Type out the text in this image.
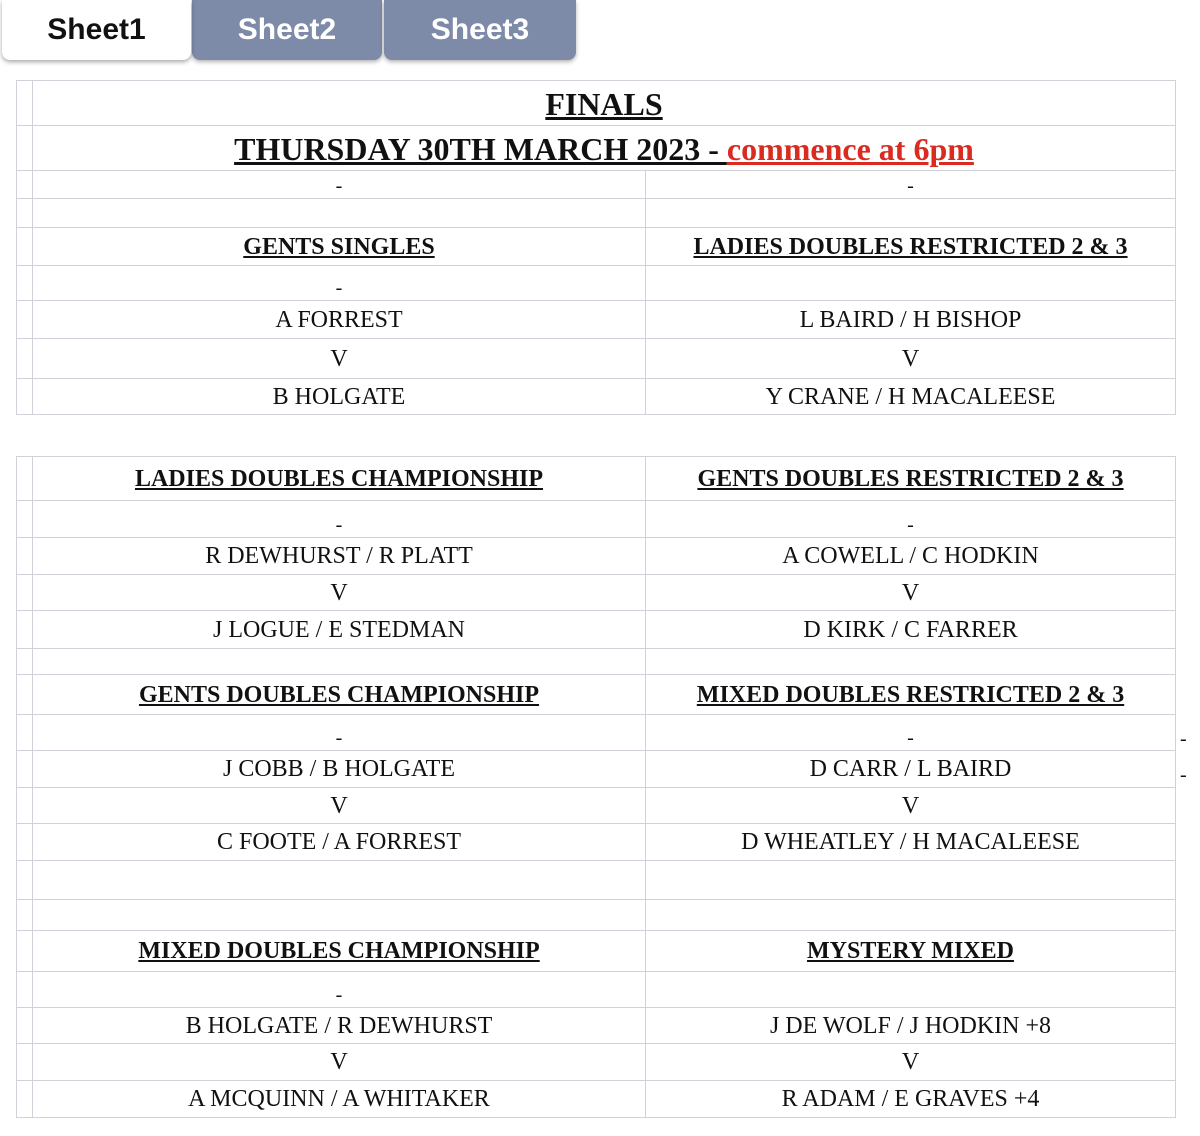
FINALS
THURSDAY 30TH MARCH 2023 - commence at 6pm
-	-
GENTS SINGLES	LADIES DOUBLES RESTRICTED 2 & 3
-
A FORREST	L BAIRD / H BISHOP
V	V
B HOLGATE	Y CRANE / H MACALEESE
LADIES DOUBLES CHAMPIONSHIP	GENTS DOUBLES RESTRICTED 2 & 3
-	-
R DEWHURST / R PLATT	A COWELL / C HODKIN
V	V
J LOGUE / E STEDMAN	D KIRK / C FARRER
GENTS DOUBLES CHAMPIONSHIP	MIXED DOUBLES RESTRICTED 2 & 3
-	-	-
J COBB / B HOLGATE	D CARR / L BAIRD	-
V	V
C FOOTE / A FORREST	D WHEATLEY / H MACALEESE
MIXED DOUBLES CHAMPIONSHIP	MYSTERY MIXED
-
B HOLGATE / R DEWHURST	J DE WOLF / J HODKIN +8
V	V
A MCQUINN / A WHITAKER	R ADAM / E GRAVES +4
Sheet1	Sheet2	Sheet3
